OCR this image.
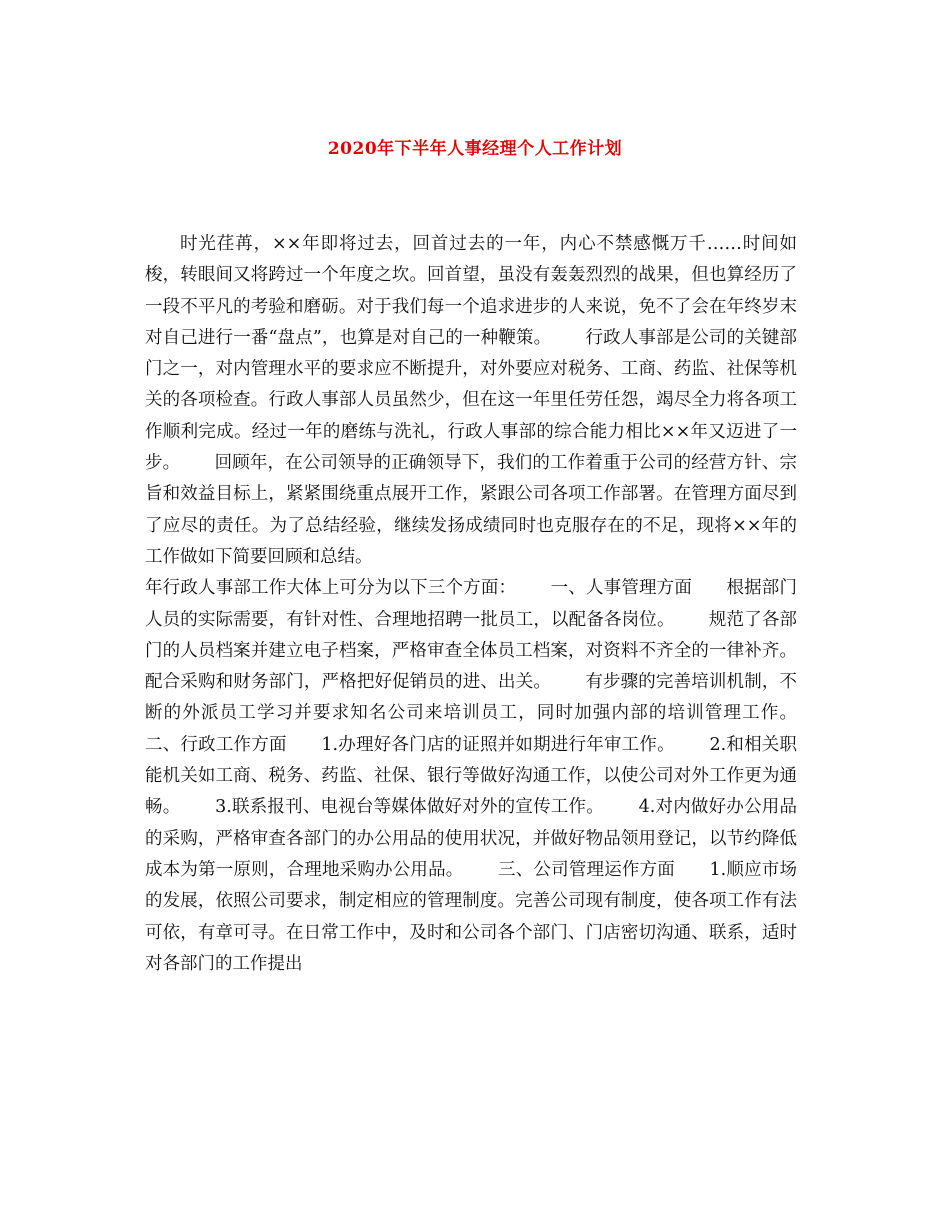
2020年下半年人事经理个人工作计划

时光荏苒，××年即将过去，回首过去的一年，内心不禁感慨万千……时间如梭，转眼间又将跨过一个年度之坎。回首望，虽没有轰轰烈烈的战果，但也算经历了一段不平凡的考验和磨砺。对于我们每一个追求进步的人来说，免不了会在年终岁末对自己进行一番“盘点”，也算是对自己的一种鞭策。      行政人事部是公司的关键部门之一，对内管理水平的要求应不断提升，对外要应对税务、工商、药监、社保等机关的各项检查。行政人事部人员虽然少，但在这一年里任劳任怨，竭尽全力将各项工作顺利完成。经过一年的磨练与洗礼，行政人事部的综合能力相比××年又迈进了一步。      回顾年，在公司领导的正确领导下，我们的工作着重于公司的经营方针、宗旨和效益目标上，紧紧围绕重点展开工作，紧跟公司各项工作部署。在管理方面尽到了应尽的责任。为了总结经验，继续发扬成绩同时也克服存在的不足，现将××年的工作做如下简要回顾和总结。
年行政人事部工作大体上可分为以下三个方面：      一、人事管理方面      根据部门人员的实际需要，有针对性、合理地招聘一批员工，以配备各岗位。      规范了各部门的人员档案并建立电子档案，严格审查全体员工档案，对资料不齐全的一律补齐。      配合采购和财务部门，严格把好促销员的进、出关。      有步骤的完善培训机制，不断的外派员工学习并要求知名公司来培训员工，同时加强内部的培训管理工作。      二、行政工作方面      1.办理好各门店的证照并如期进行年审工作。      2.和相关职能机关如工商、税务、药监、社保、银行等做好沟通工作，以使公司对外工作更为通畅。      3.联系报刊、电视台等媒体做好对外的宣传工作。      4.对内做好办公用品的采购，严格审查各部门的办公用品的使用状况，并做好物品领用登记，以节约降低成本为第一原则，合理地采购办公用品。      三、公司管理运作方面      1.顺应市场的发展，依照公司要求，制定相应的管理制度。完善公司现有制度，使各项工作有法可依，有章可寻。在日常工作中，及时和公司各个部门、门店密切沟通、联系，适时对各部门的工作提出
